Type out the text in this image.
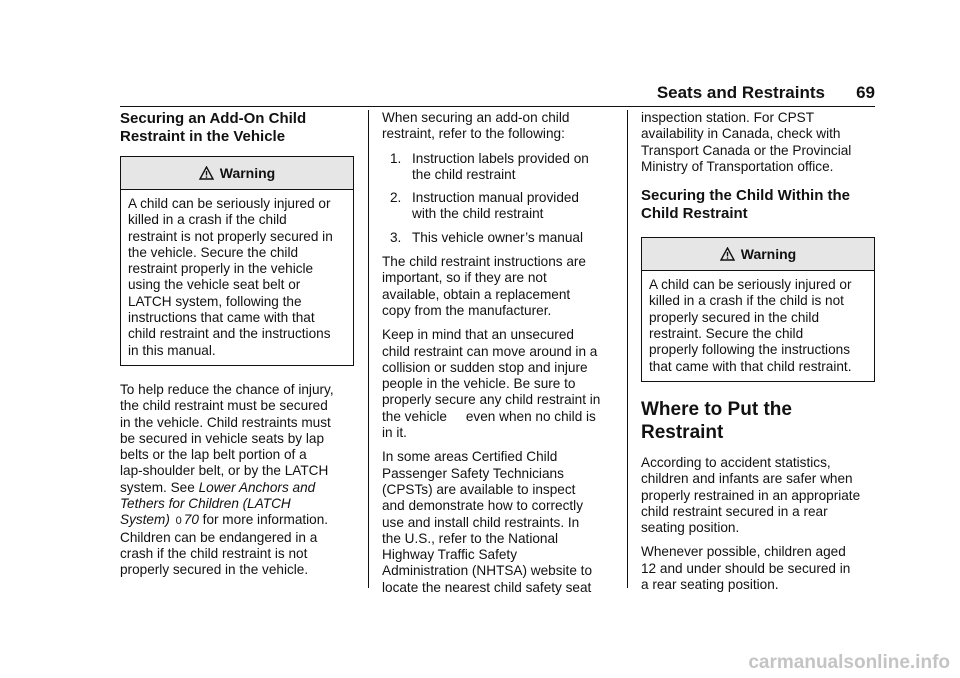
Seats and Restraints 69
Securing an Add-On Child
Restraint in the Vehicle
Warning
A child can be seriously injured or
killed in a crash if the child
restraint is not properly secured in
the vehicle. Secure the child
restraint properly in the vehicle
using the vehicle seat belt or
LATCH system, following the
instructions that came with that
child restraint and the instructions
in this manual.

To help reduce the chance of injury,
the child restraint must be secured
in the vehicle. Child restraints must
be secured in vehicle seats by lap
belts or the lap belt portion of a
lap-shoulder belt, or by the LATCH
system. See Lower Anchors and
Tethers for Children (LATCH
System) 0 70 for more information.
Children can be endangered in a
crash if the child restraint is not
properly secured in the vehicle.

When securing an add-on child
restraint, refer to the following:

1. Instruction labels provided on
the child restraint
2. Instruction manual provided
with the child restraint
3. This vehicle owner’s manual

The child restraint instructions are
important, so if they are not
available, obtain a replacement
copy from the manufacturer.

Keep in mind that an unsecured
child restraint can move around in a
collision or sudden stop and injure
people in the vehicle. Be sure to
properly secure any child restraint in
the vehicle     even when no child is
in it.

In some areas Certified Child
Passenger Safety Technicians
(CPSTs) are available to inspect
and demonstrate how to correctly
use and install child restraints. In
the U.S., refer to the National
Highway Traffic Safety
Administration (NHTSA) website to
locate the nearest child safety seat

inspection station. For CPST
availability in Canada, check with
Transport Canada or the Provincial
Ministry of Transportation office.

Securing the Child Within the
Child Restraint
Warning
A child can be seriously injured or
killed in a crash if the child is not
properly secured in the child
restraint. Secure the child
properly following the instructions
that came with that child restraint.
Where to Put the
Restraint

According to accident statistics,
children and infants are safer when
properly restrained in an appropriate
child restraint secured in a rear
seating position.

Whenever possible, children aged
12 and under should be secured in
a rear seating position.

carmanualsonline.info
